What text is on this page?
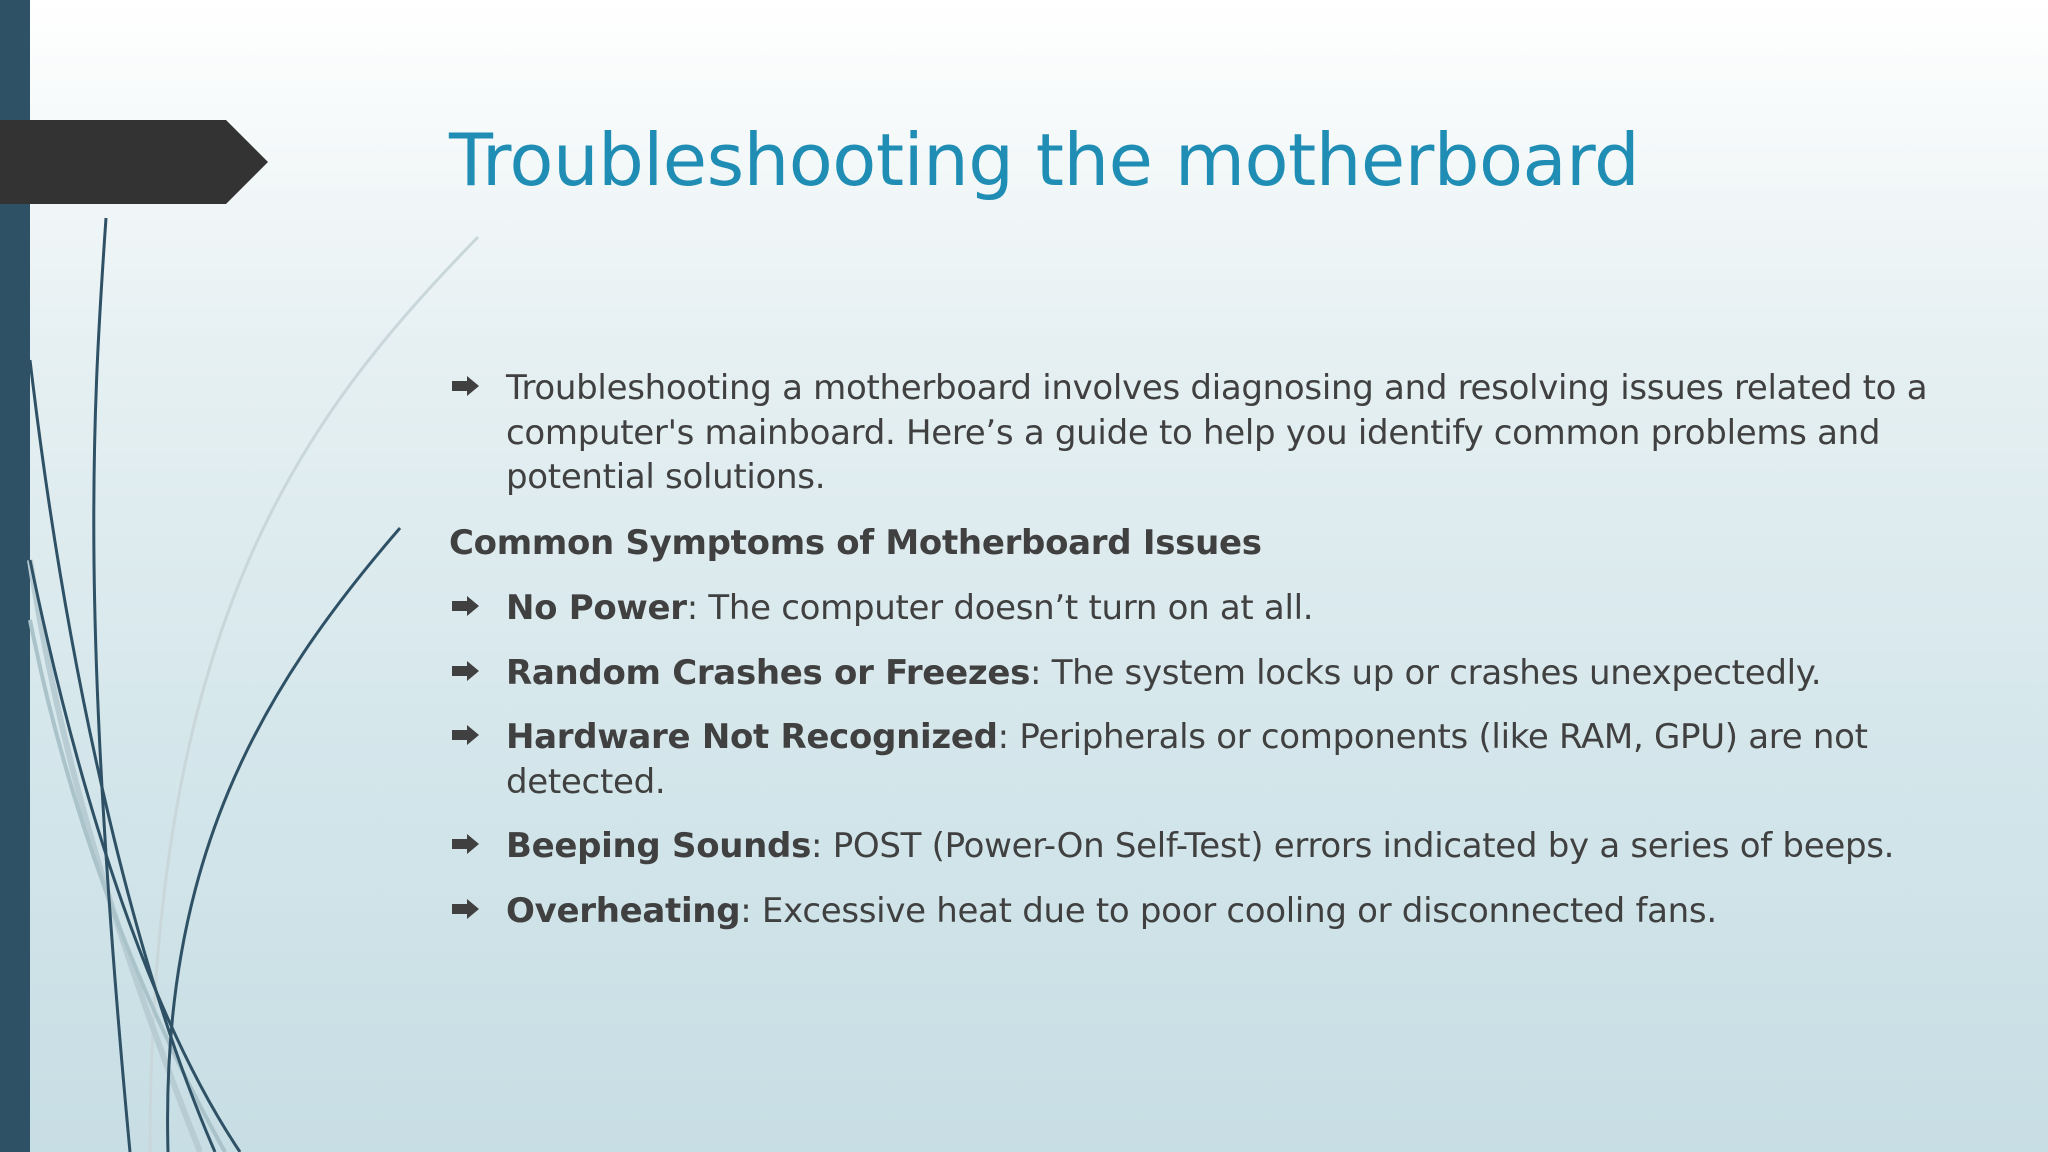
Troubleshooting the motherboard
Troubleshooting a motherboard involves diagnosing and resolving issues related to a computer's mainboard. Here’s a guide to help you identify common problems and potential solutions.
Common Symptoms of Motherboard Issues
No Power: The computer doesn’t turn on at all.
Random Crashes or Freezes: The system locks up or crashes unexpectedly.
Hardware Not Recognized: Peripherals or components (like RAM, GPU) are not detected.
Beeping Sounds: POST (Power-On Self-Test) errors indicated by a series of beeps.
Overheating: Excessive heat due to poor cooling or disconnected fans.
